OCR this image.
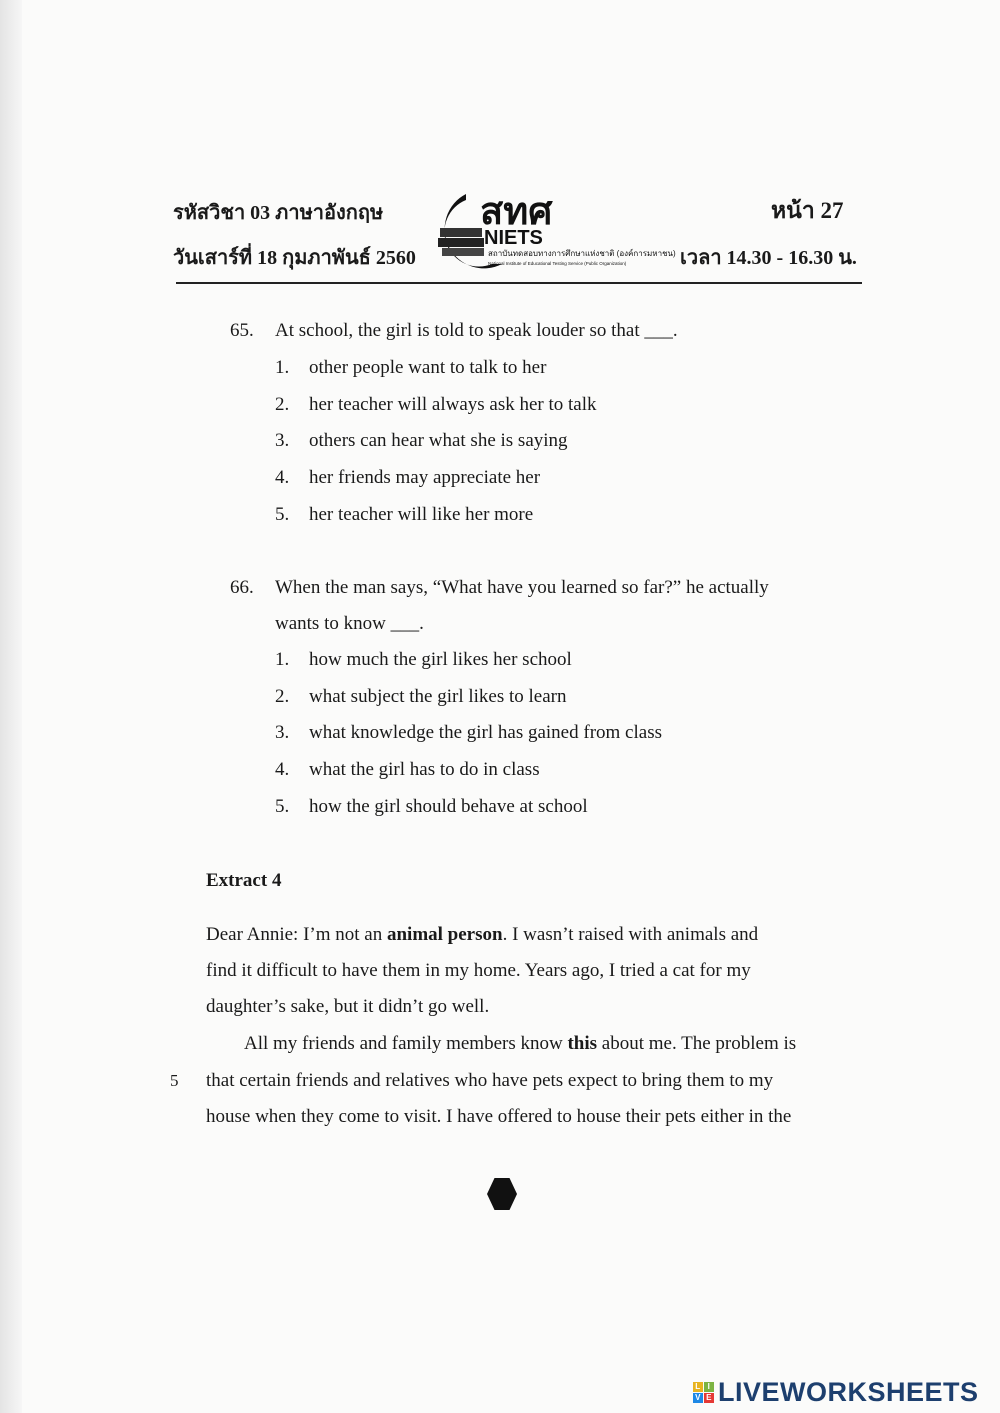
รหัสวิชา 03 ภาษาอังกฤษ
วันเสาร์ที่ 18 กุมภาพันธ์ 2560
หน้า 27
เวลา 14.30 - 16.30 น.
สทศ
NIETS
สถาบันทดสอบทางการศึกษาแห่งชาติ (องค์การมหาชน)
National Institute of Educational Testing Service (Public Organization)
65. At school, the girl is told to speak louder so that ___.
1. other people want to talk to her
2. her teacher will always ask her to talk
3. others can hear what she is saying
4. her friends may appreciate her
5. her teacher will like her more
66. When the man says, “What have you learned so far?” he actually
wants to know ___.
1. how much the girl likes her school
2. what subject the girl likes to learn
3. what knowledge the girl has gained from class
4. what the girl has to do in class
5. how the girl should behave at school
Extract 4
Dear Annie: I’m not an animal person. I wasn’t raised with animals and
find it difficult to have them in my home. Years ago, I tried a cat for my
daughter’s sake, but it didn’t go well.
All my friends and family members know this about me. The problem is
5 that certain friends and relatives who have pets expect to bring them to my
house when they come to visit. I have offered to house their pets either in the
L I
V E LIVEWORKSHEETS
